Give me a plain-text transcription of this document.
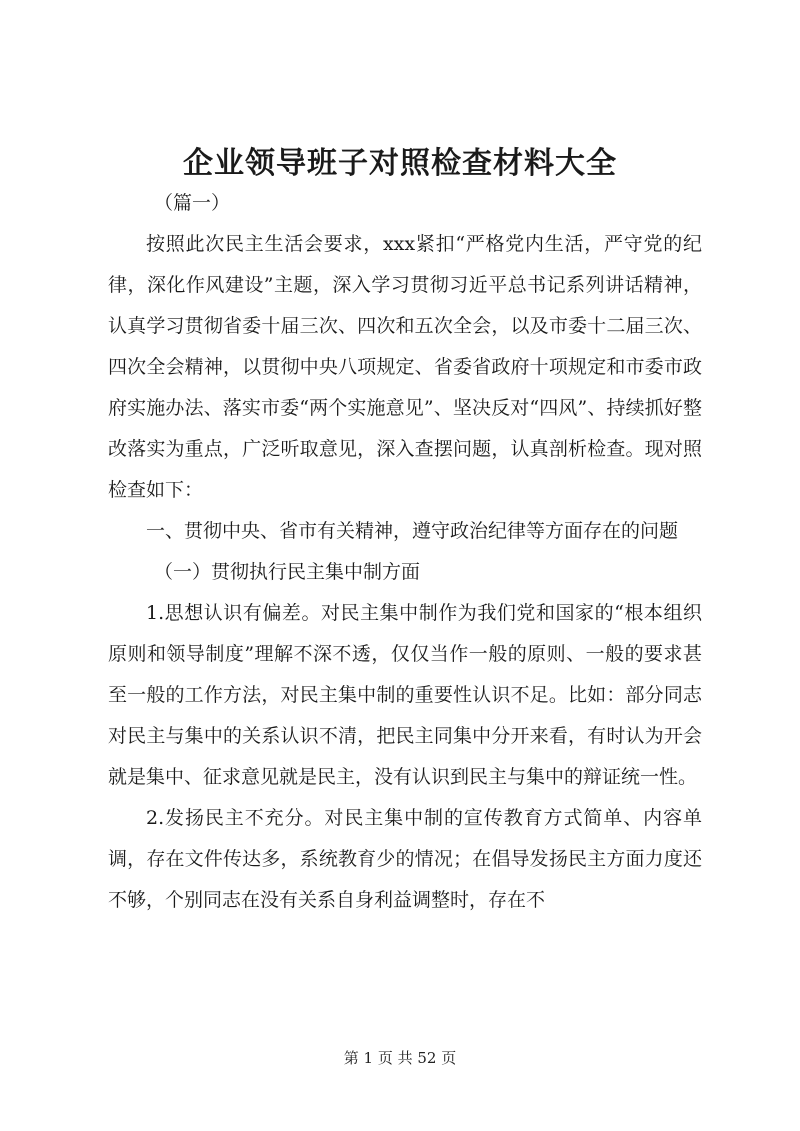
企业领导班子对照检查材料大全

（篇一）

按照此次民主生活会要求，xxx紧扣“严格党内生活，严守党的纪律，深化作风建设”主题，深入学习贯彻习近平总书记系列讲话精神，认真学习贯彻省委十届三次、四次和五次全会，以及市委十二届三次、四次全会精神，以贯彻中央八项规定、省委省政府十项规定和市委市政府实施办法、落实市委“两个实施意见”、坚决反对“四风”、持续抓好整改落实为重点，广泛听取意见，深入查摆问题，认真剖析检查。现对照检查如下：

一、贯彻中央、省市有关精神，遵守政治纪律等方面存在的问题

（一）贯彻执行民主集中制方面

1.思想认识有偏差。对民主集中制作为我们党和国家的“根本组织原则和领导制度”理解不深不透，仅仅当作一般的原则、一般的要求甚至一般的工作方法，对民主集中制的重要性认识不足。比如：部分同志对民主与集中的关系认识不清，把民主同集中分开来看，有时认为开会就是集中、征求意见就是民主，没有认识到民主与集中的辩证统一性。

2.发扬民主不充分。对民主集中制的宣传教育方式简单、内容单调，存在文件传达多，系统教育少的情况；在倡导发扬民主方面力度还不够，个别同志在没有关系自身利益调整时，存在不

第 1 页 共 52 页
